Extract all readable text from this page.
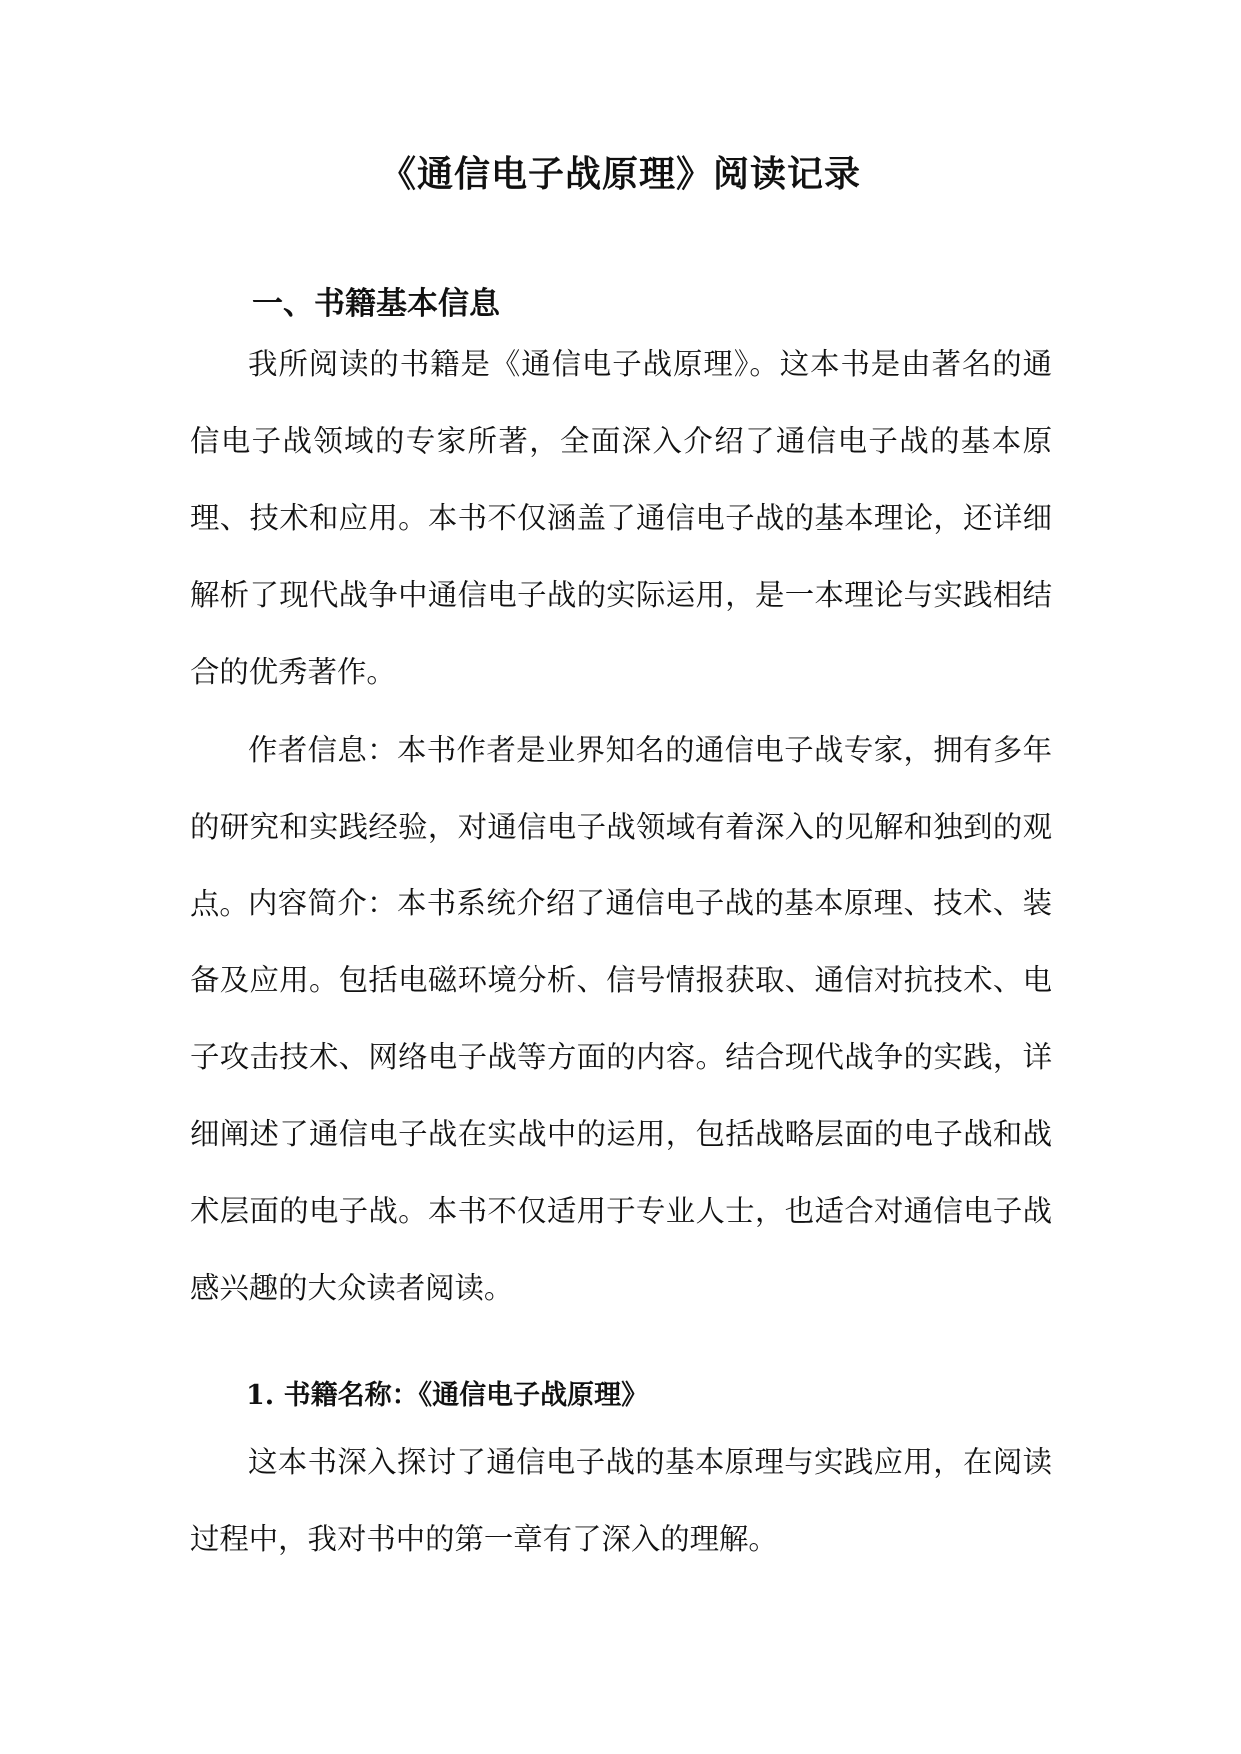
《通信电子战原理》阅读记录
一、书籍基本信息

我所阅读的书籍是《通信电子战原理》。这本书是由著名的通信电子战领域的专家所著，全面深入介绍了通信电子战的基本原理、技术和应用。本书不仅涵盖了通信电子战的基本理论，还详细解析了现代战争中通信电子战的实际运用，是一本理论与实践相结合的优秀著作。

作者信息：本书作者是业界知名的通信电子战专家，拥有多年的研究和实践经验，对通信电子战领域有着深入的见解和独到的观点。 内容简介：本书系统介绍了通信电子战的基本原理、技术、装备及应用。包括电磁环境分析、信号情报获取、通信对抗技术、电子攻击技术、网络电子战等方面的内容。结合现代战争的实践，详细阐述了通信电子战在实战中的运用，包括战略层面的电子战和战术层面的电子战。本书不仅适用于专业人士，也适合对通信电子战感兴趣的大众读者阅读。

1. 书籍名称：《通信电子战原理》

这本书深入探讨了通信电子战的基本原理与实践应用，在阅读过程中，我对书中的第一章有了深入的理解。
